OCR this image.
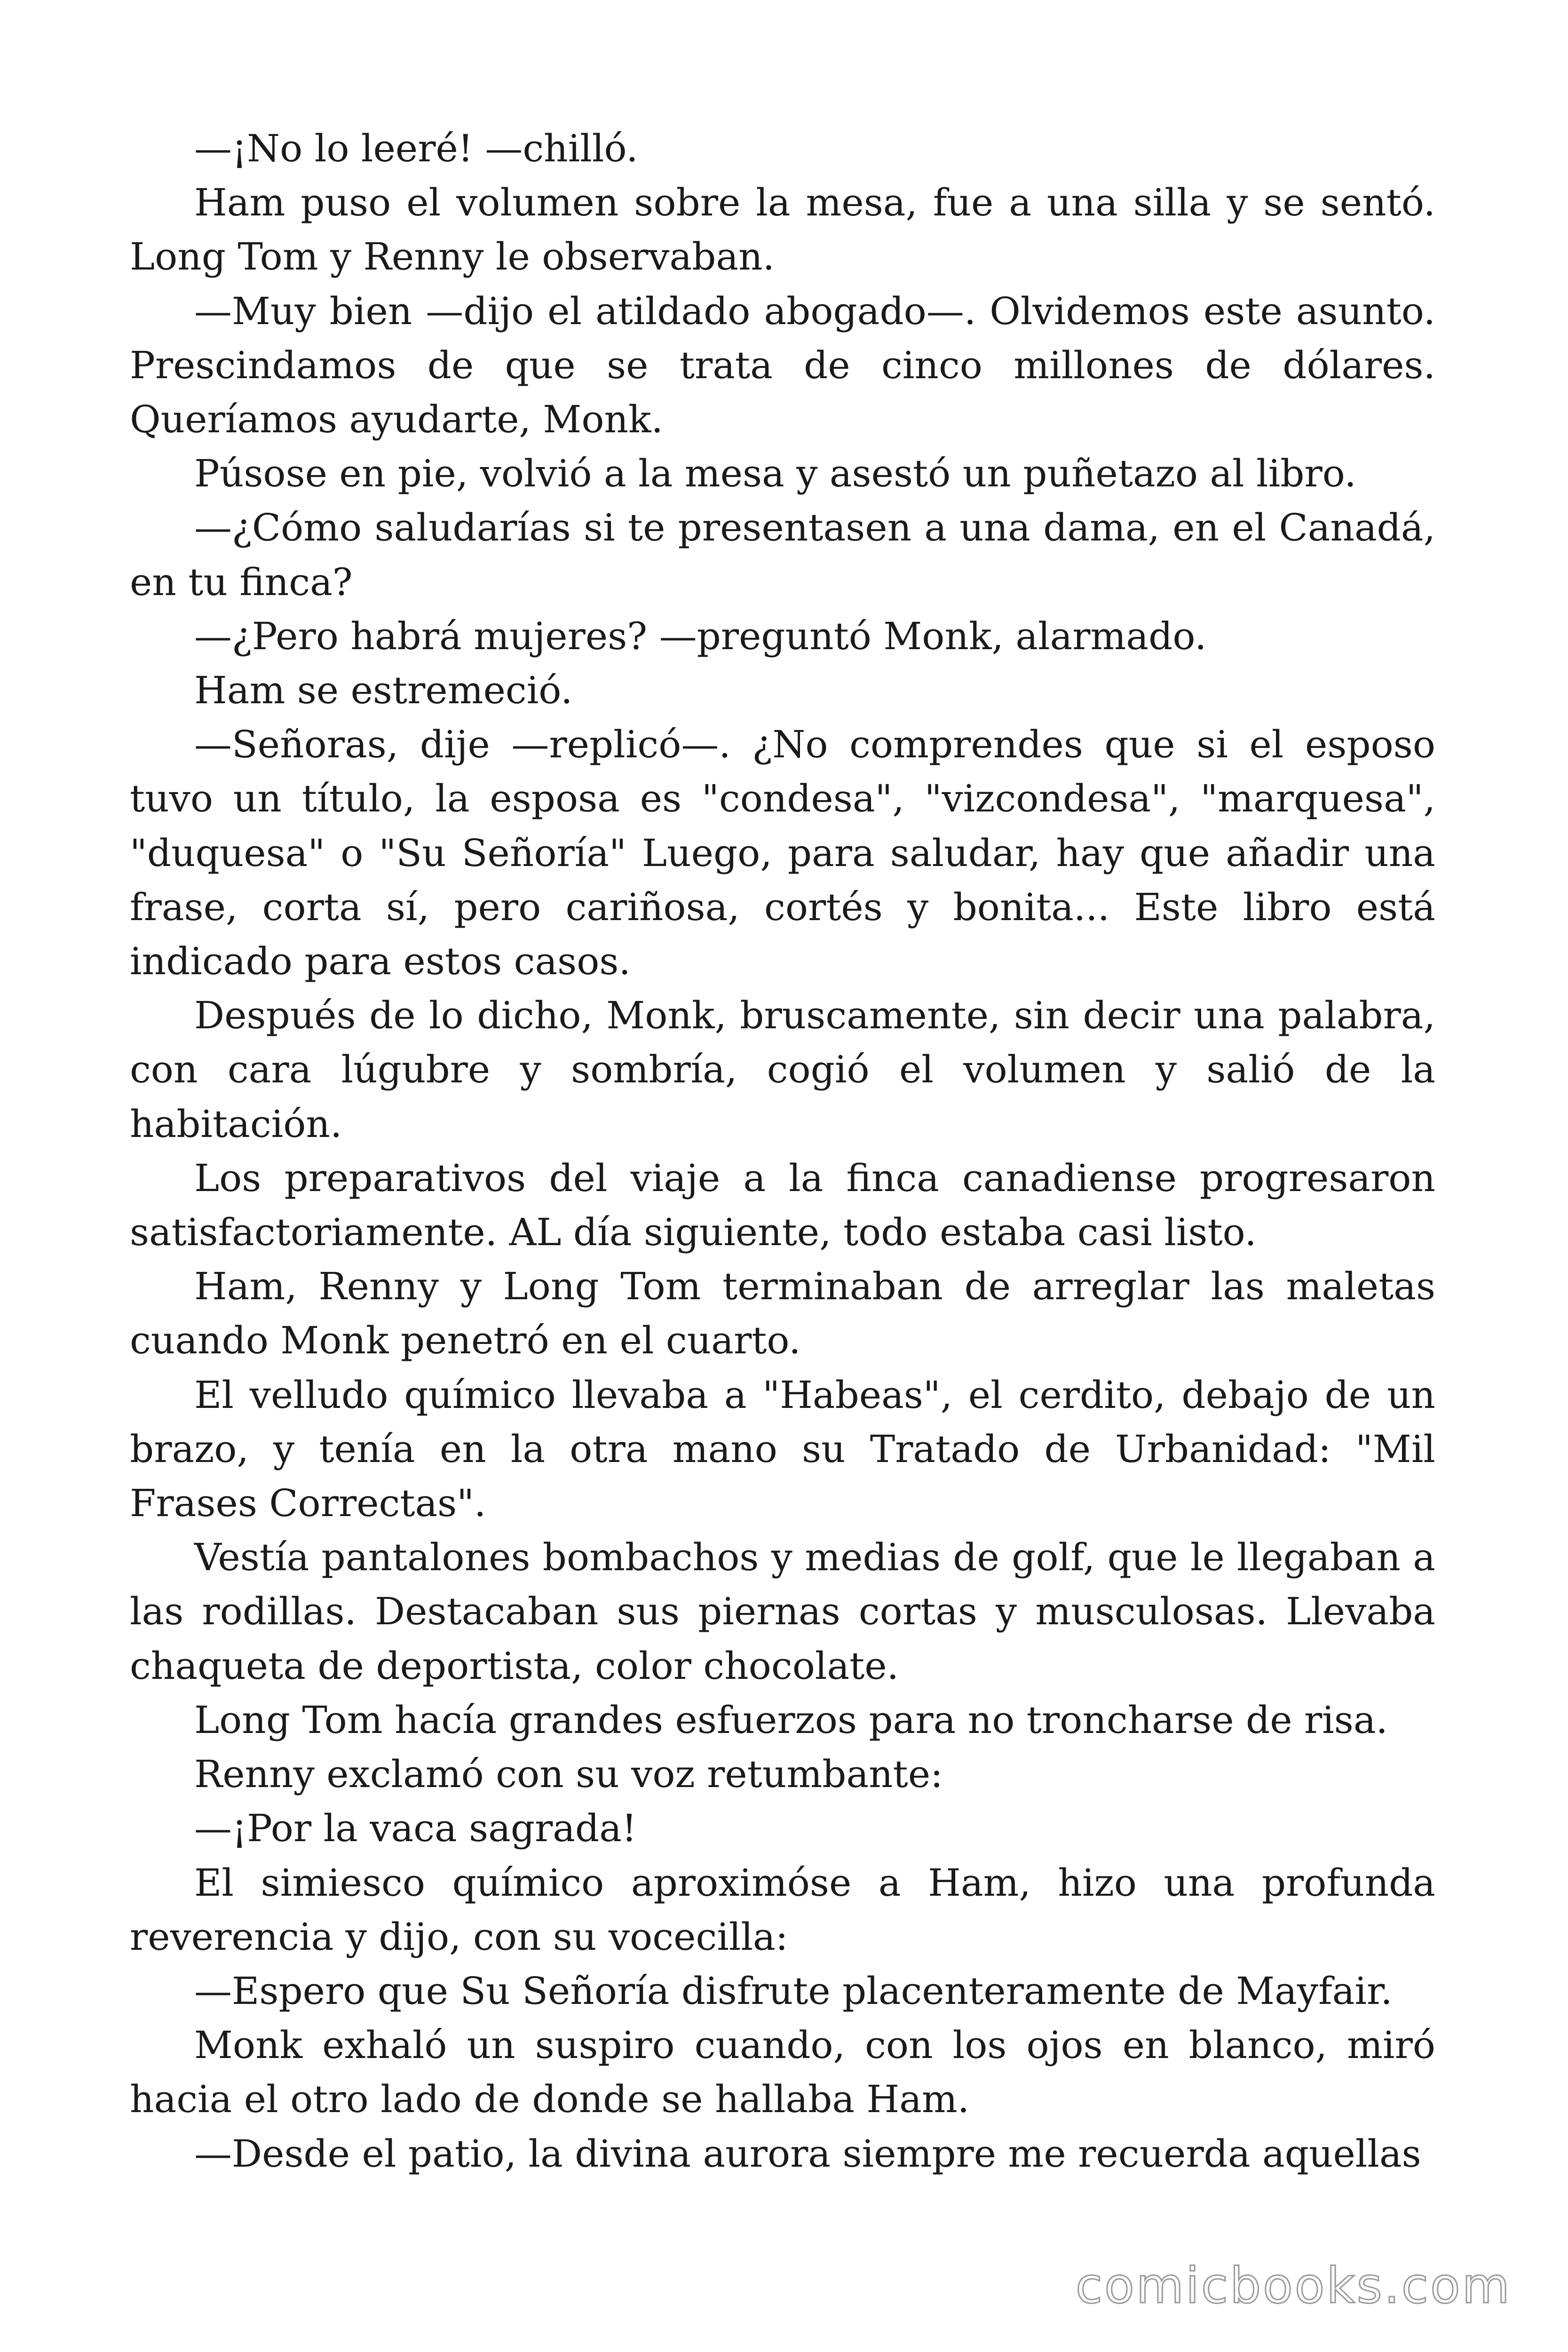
—¡No lo leeré! —chilló.

Ham puso el volumen sobre la mesa, fue a una silla y se sentó. Long Tom y Renny le observaban.

—Muy bien —dijo el atildado abogado—. Olvidemos este asunto. Prescindamos de que se trata de cinco millones de dólares. Queríamos ayudarte, Monk.

Púsose en pie, volvió a la mesa y asestó un puñetazo al libro.

—¿Cómo saludarías si te presentasen a una dama, en el Canadá, en tu finca?

—¿Pero habrá mujeres? —preguntó Monk, alarmado.

Ham se estremeció.

—Señoras, dije —replicó—. ¿No comprendes que si el esposo tuvo un título, la esposa es "condesa", "vizcondesa", "marquesa", "duquesa" o "Su Señoría" Luego, para saludar, hay que añadir una frase, corta sí, pero cariñosa, cortés y bonita... Este libro está indicado para estos casos.

Después de lo dicho, Monk, bruscamente, sin decir una palabra, con cara lúgubre y sombría, cogió el volumen y salió de la habitación.

Los preparativos del viaje a la finca canadiense progresaron satisfactoriamente. AL día siguiente, todo estaba casi listo.

Ham, Renny y Long Tom terminaban de arreglar las maletas cuando Monk penetró en el cuarto.

El velludo químico llevaba a "Habeas", el cerdito, debajo de un brazo, y tenía en la otra mano su Tratado de Urbanidad: "Mil Frases Correctas".

Vestía pantalones bombachos y medias de golf, que le llegaban a las rodillas. Destacaban sus piernas cortas y musculosas. Llevaba chaqueta de deportista, color chocolate.

Long Tom hacía grandes esfuerzos para no troncharse de risa.

Renny exclamó con su voz retumbante:

—¡Por la vaca sagrada!

El simiesco químico aproximóse a Ham, hizo una profunda reverencia y dijo, con su vocecilla:

—Espero que Su Señoría disfrute placenteramente de Mayfair.

Monk exhaló un suspiro cuando, con los ojos en blanco, miró hacia el otro lado de donde se hallaba Ham.

—Desde el patio, la divina aurora siempre me recuerda aquellas

comicbooks.com
